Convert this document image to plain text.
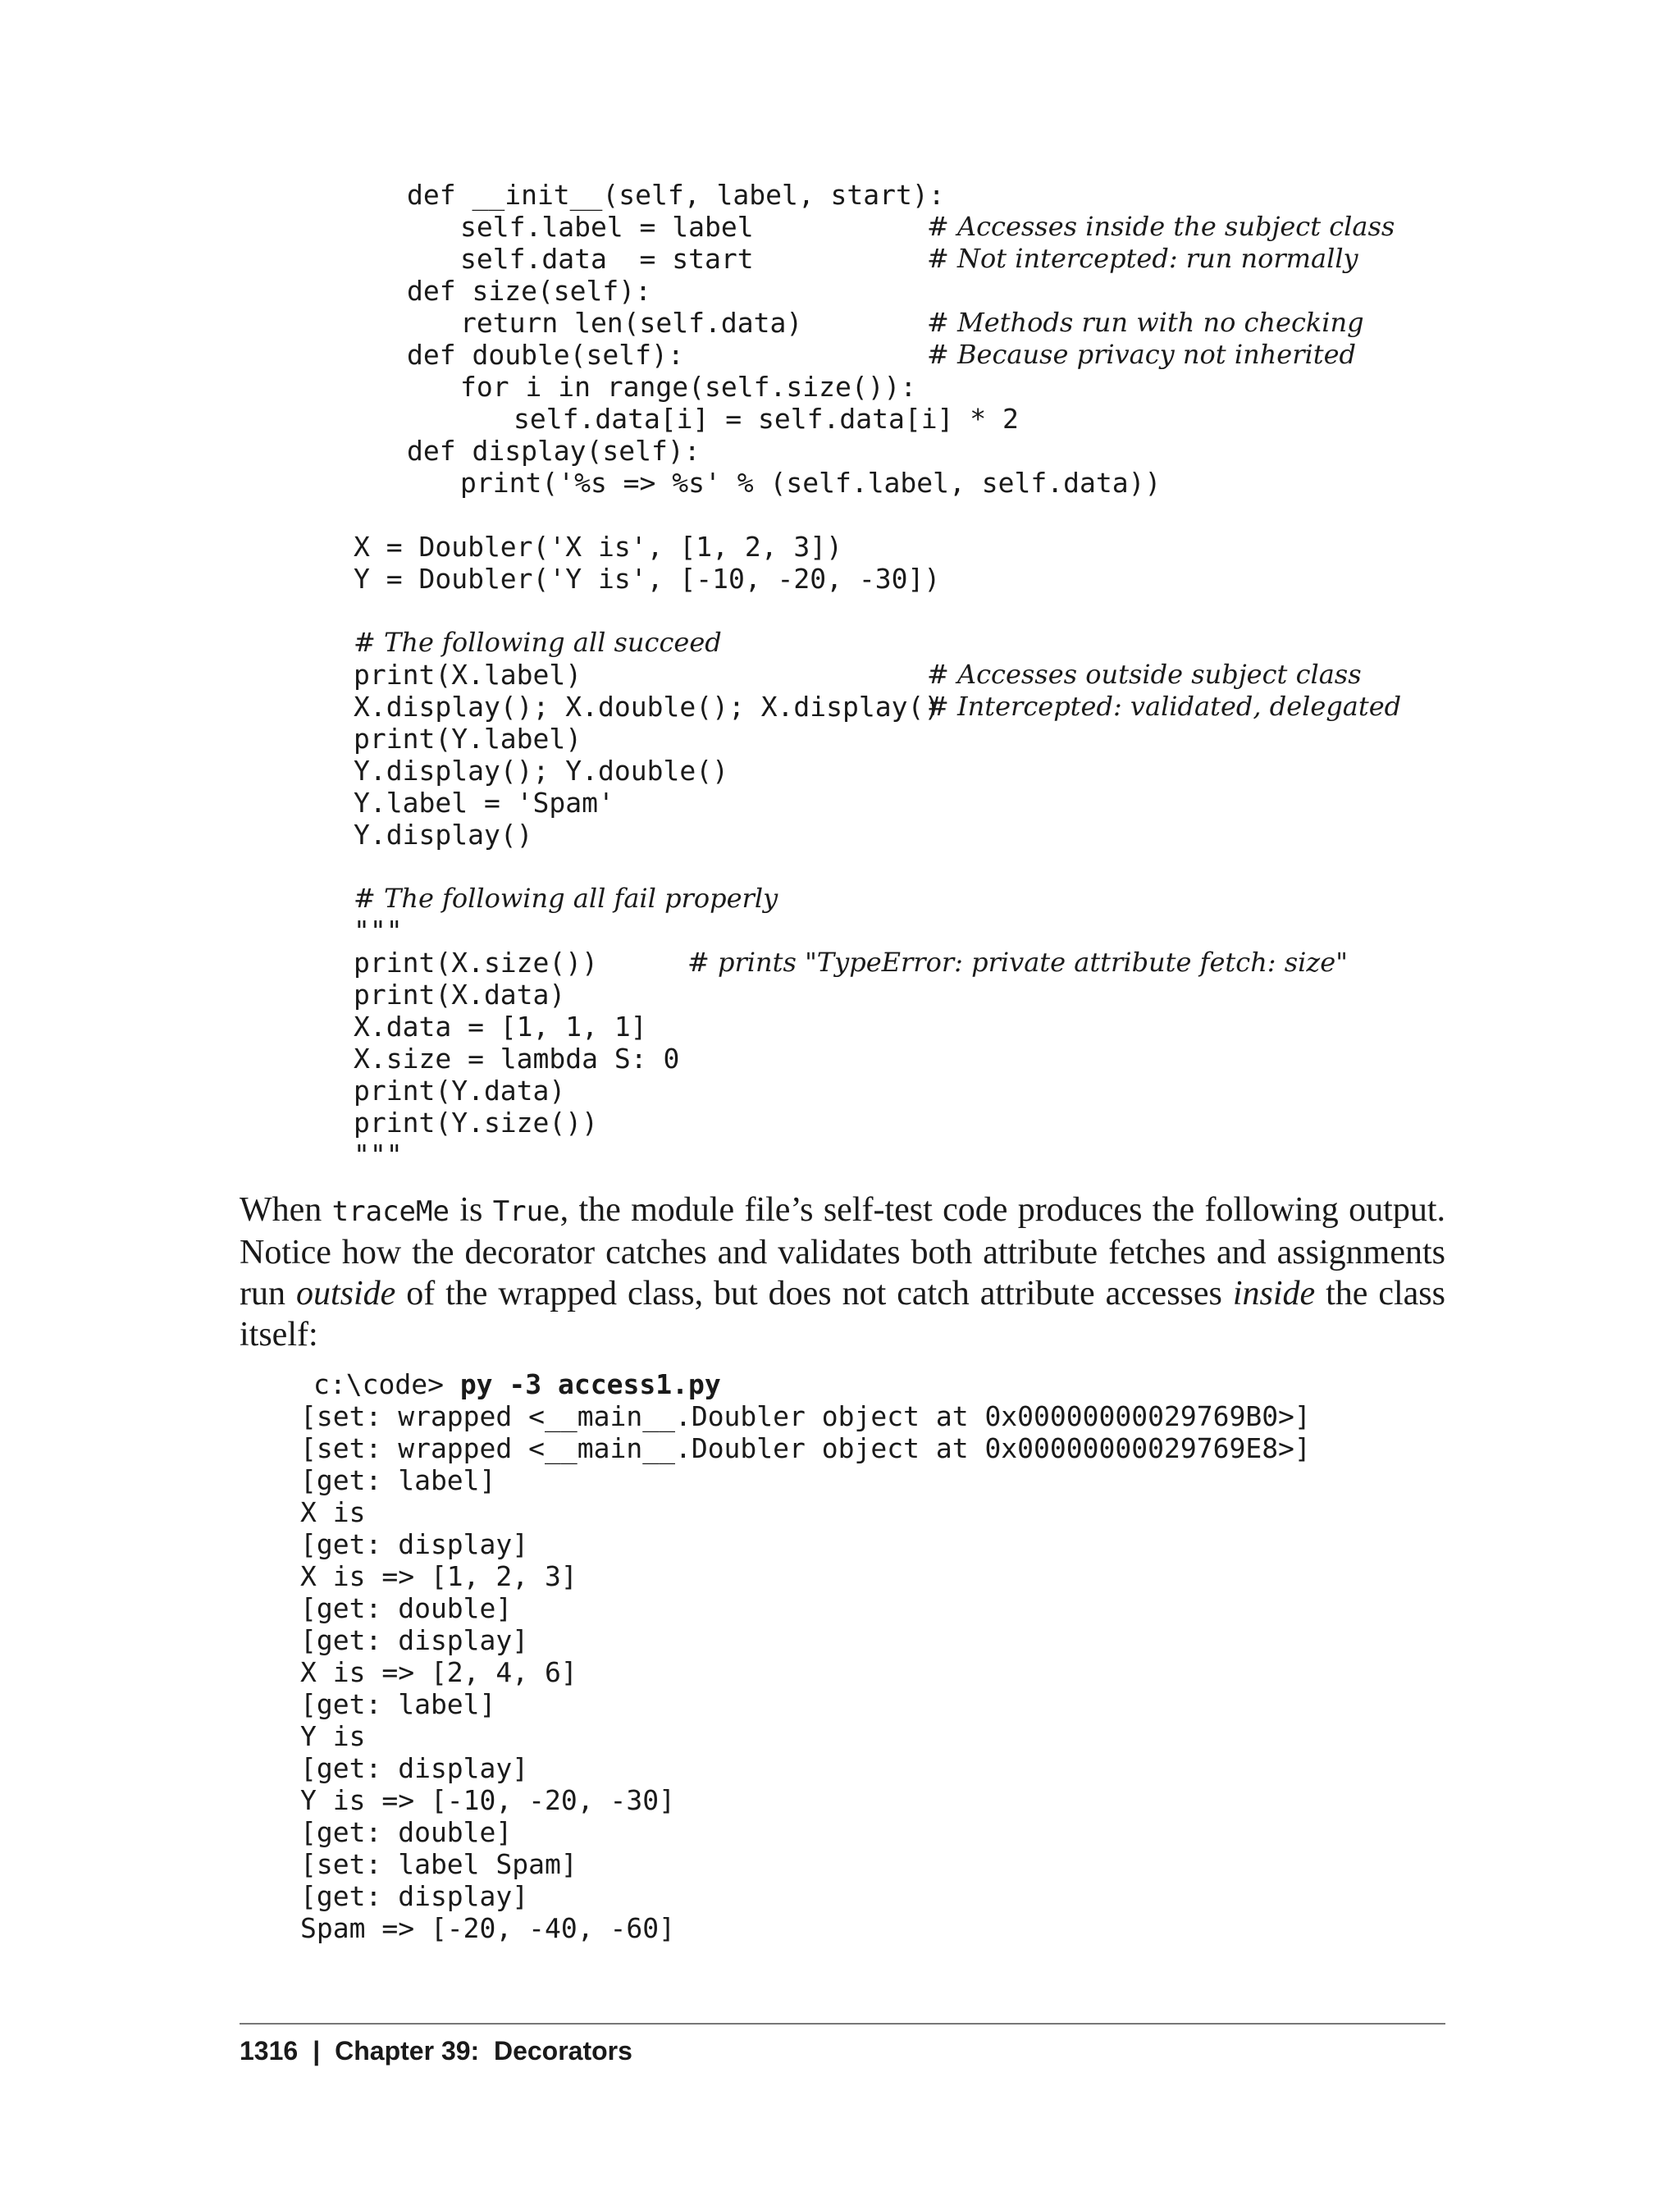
def __init__(self, label, start):
self.label = label
self.data  = start
def size(self):
return len(self.data)
def double(self):
for i in range(self.size()):
self.data[i] = self.data[i] * 2
def display(self):
print('%s => %s' % (self.label, self.data))
X = Doubler('X is', [1, 2, 3])
Y = Doubler('Y is', [-10, -20, -30])
# The following all succeed
print(X.label)
X.display(); X.double(); X.display()
print(Y.label)
Y.display(); Y.double()
Y.label = 'Spam'
Y.display()
# The following all fail properly
"""
print(X.size())
print(X.data)
X.data = [1, 1, 1]
X.size = lambda S: 0
print(Y.data)
print(Y.size())
"""
# Accesses inside the subject class
# Not intercepted: run normally
# Methods run with no checking
# Because privacy not inherited
# Accesses outside subject class
# Intercepted: validated, delegated
# prints "TypeError: private attribute fetch: size"

When traceMe is True, the module file’s self-test code produces the following output. Notice how the decorator catches and validates both attribute fetches and assignments run outside of the wrapped class, but does not catch attribute accesses inside the class itself:

c:\code> py -3 access1.py
[set: wrapped <__main__.Doubler object at 0x00000000029769B0>]
[set: wrapped <__main__.Doubler object at 0x00000000029769E8>]
[get: label]
X is
[get: display]
X is => [1, 2, 3]
[get: double]
[get: display]
X is => [2, 4, 6]
[get: label]
Y is
[get: display]
Y is => [-10, -20, -30]
[get: double]
[set: label Spam]
[get: display]
Spam => [-20, -40, -60]
1316 | Chapter 39:  Decorators
